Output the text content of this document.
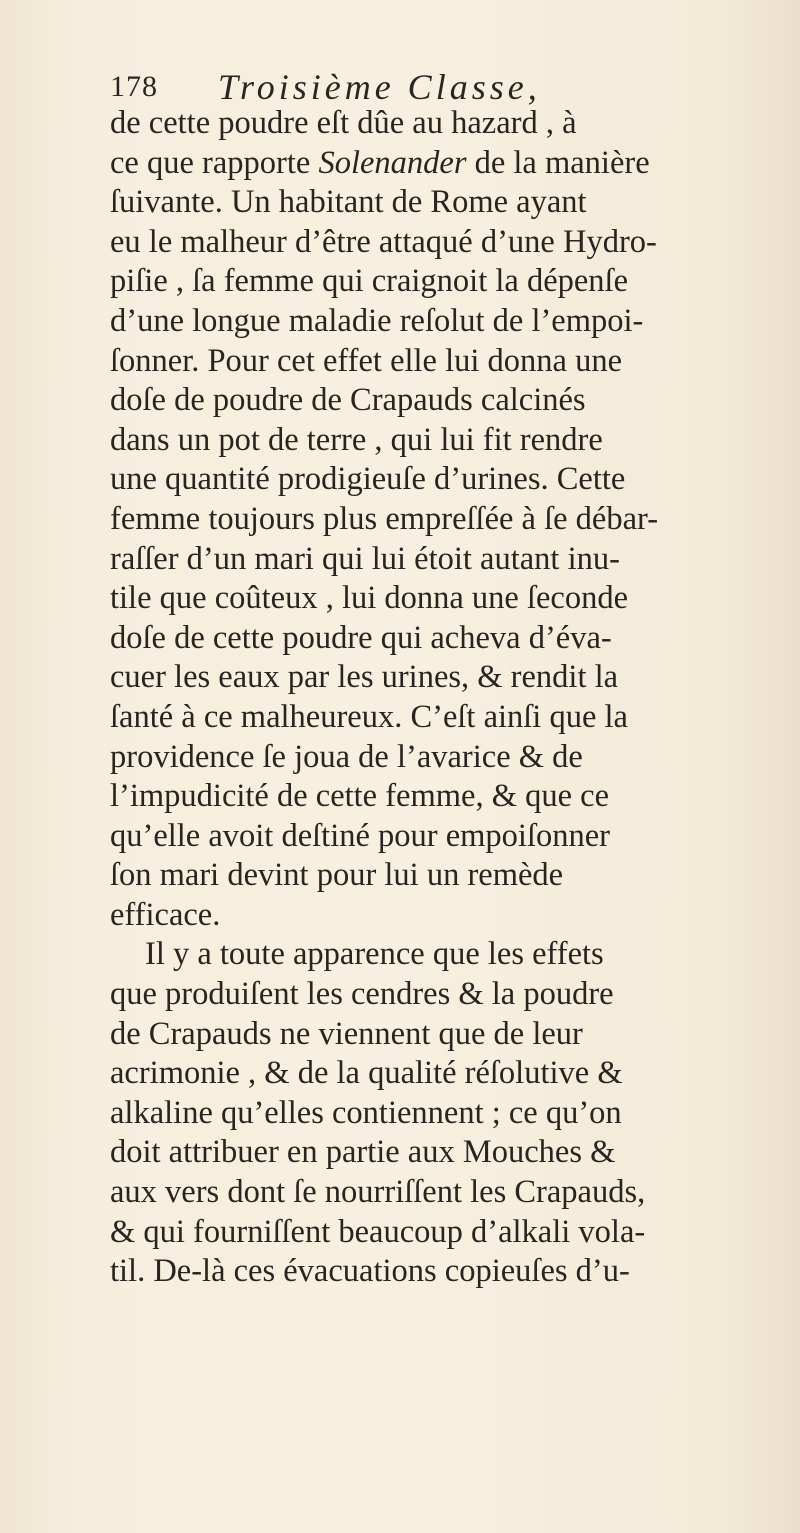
178 Troisième Classe,
de cette poudre eſt dûe au hazard , à
ce que rapporte Solenander de la manière
ſuivante. Un habitant de Rome ayant
eu le malheur d’être attaqué d’une Hydro-
piſie , ſa femme qui craignoit la dépenſe
d’une longue maladie reſolut de l’empoi-
ſonner. Pour cet effet elle lui donna une
doſe de poudre de Crapauds calcinés
dans un pot de terre , qui lui fit rendre
une quantité prodigieuſe d’urines. Cette
femme toujours plus empreſſée à ſe débar-
raſſer d’un mari qui lui étoit autant inu-
tile que coûteux , lui donna une ſeconde
doſe de cette poudre qui acheva d’éva-
cuer les eaux par les urines, & rendit la
ſanté à ce malheureux. C’eſt ainſi que la
providence ſe joua de l’avarice & de
l’impudicité de cette femme, & que ce
qu’elle avoit deſtiné pour empoiſonner
ſon mari devint pour lui un remède
efficace.
Il y a toute apparence que les effets
que produiſent les cendres & la poudre
de Crapauds ne viennent que de leur
acrimonie , & de la qualité réſolutive &
alkaline qu’elles contiennent ; ce qu’on
doit attribuer en partie aux Mouches &
aux vers dont ſe nourriſſent les Crapauds,
& qui fourniſſent beaucoup d’alkali vola-
til. De-là ces évacuations copieuſes d’u-
